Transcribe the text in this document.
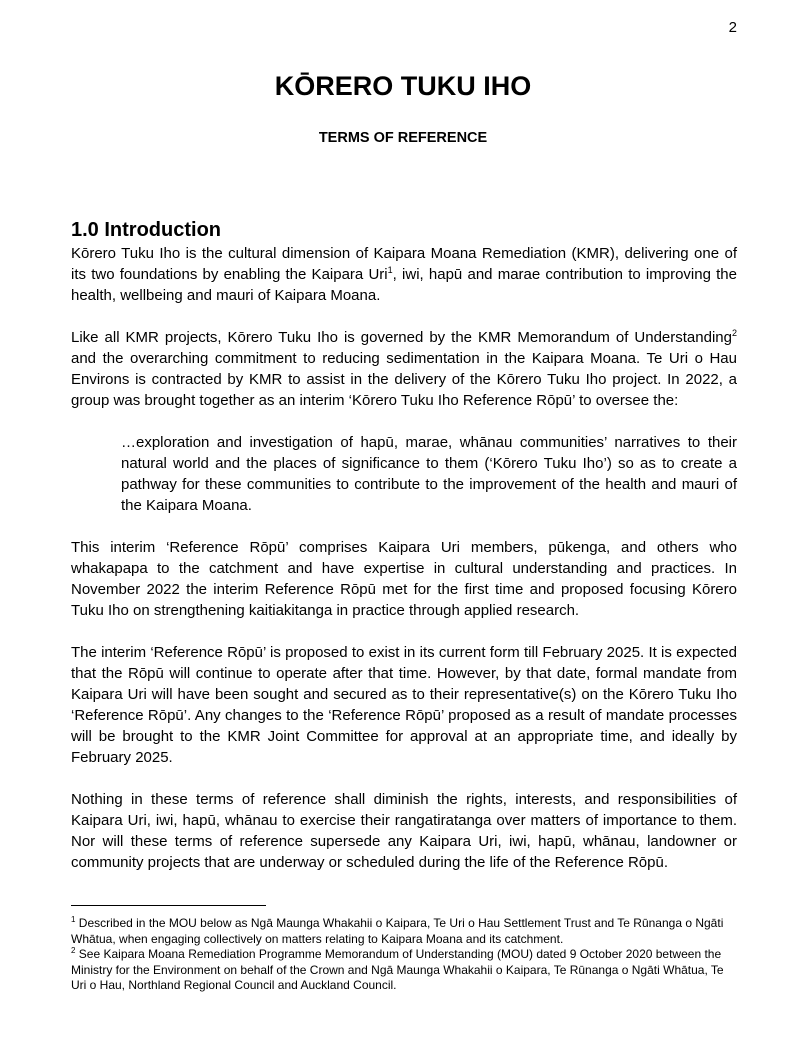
2
KŌRERO TUKU IHO
TERMS OF REFERENCE
1.0 Introduction

Kōrero Tuku Iho is the cultural dimension of Kaipara Moana Remediation (KMR), delivering one of its two foundations by enabling the Kaipara Uri$^1$, iwi, hapū and marae contribution to improving the health, wellbeing and mauri of Kaipara Moana.

Like all KMR projects, Kōrero Tuku Iho is governed by the KMR Memorandum of Understanding$^2$ and the overarching commitment to reducing sedimentation in the Kaipara Moana. Te Uri o Hau Environs is contracted by KMR to assist in the delivery of the Kōrero Tuku Iho project. In 2022, a group was brought together as an interim ‘Kōrero Tuku Iho Reference Rōpū’ to oversee the:

…exploration and investigation of hapū, marae, whānau communities’ narratives to their natural world and the places of significance to them (‘Kōrero Tuku Iho’) so as to create a pathway for these communities to contribute to the improvement of the health and mauri of the Kaipara Moana.

This interim ‘Reference Rōpū’ comprises Kaipara Uri members, pūkenga, and others who whakapapa to the catchment and have expertise in cultural understanding and practices. In November 2022 the interim Reference Rōpū met for the first time and proposed focusing Kōrero Tuku Iho on strengthening kaitiakitanga in practice through applied research.

The interim ‘Reference Rōpū’ is proposed to exist in its current form till February 2025. It is expected that the Rōpū will continue to operate after that time. However, by that date, formal mandate from Kaipara Uri will have been sought and secured as to their representative(s) on the Kōrero Tuku Iho ‘Reference Rōpū’. Any changes to the ‘Reference Rōpū’ proposed as a result of mandate processes will be brought to the KMR Joint Committee for approval at an appropriate time, and ideally by February 2025.

Nothing in these terms of reference shall diminish the rights, interests, and responsibilities of Kaipara Uri, iwi, hapū, whānau to exercise their rangatiratanga over matters of importance to them. Nor will these terms of reference supersede any Kaipara Uri, iwi, hapū, whānau, landowner or community projects that are underway or scheduled during the life of the Reference Rōpū.

$^1$ Described in the MOU below as Ngā Maunga Whakahii o Kaipara, Te Uri o Hau Settlement Trust and Te Rūnanga o Ngāti Whātua, when engaging collectively on matters relating to Kaipara Moana and its catchment.

$^2$ See Kaipara Moana Remediation Programme Memorandum of Understanding (MOU) dated 9 October 2020 between the Ministry for the Environment on behalf of the Crown and Ngā Maunga Whakahii o Kaipara, Te Rūnanga o Ngāti Whātua, Te Uri o Hau, Northland Regional Council and Auckland Council.
